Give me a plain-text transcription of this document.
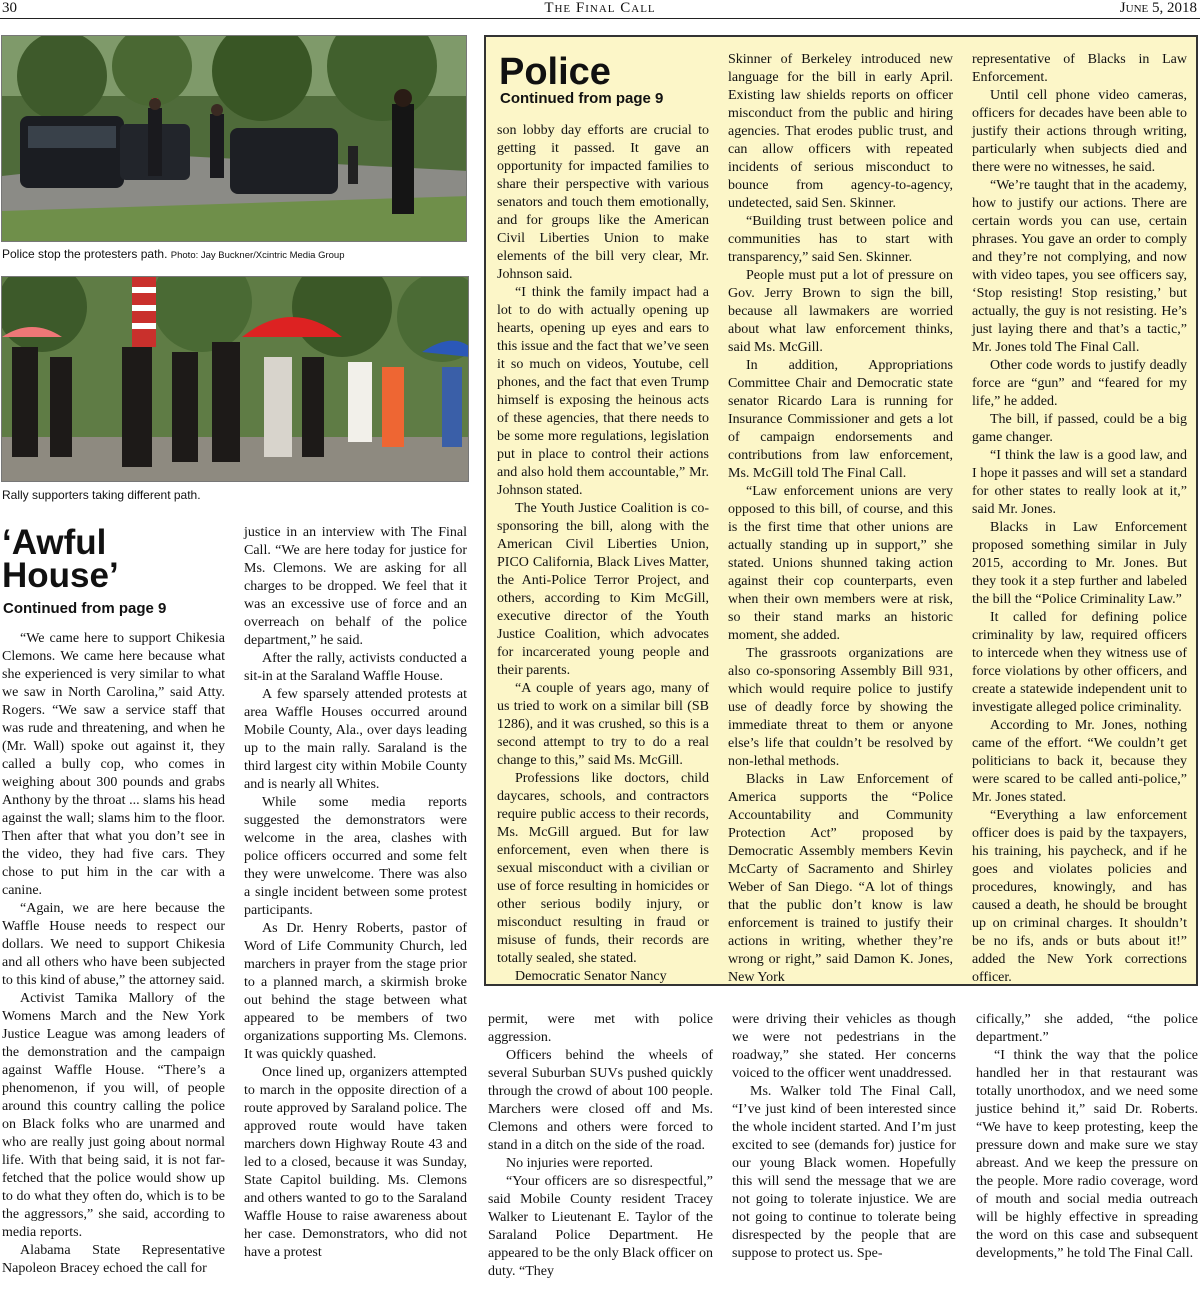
30	The Final Call	June 5, 2018
Police stop the protesters path. Photo: Jay Buckner/Xcintric Media Group
Rally supporters taking different path.
‘Awful
House’
Continued from page 9

“We came here to support Chikesia Clemons. We came here because what she experienced is very similar to what we saw in North Carolina,” said Atty. Rogers. “We saw a service staff that was rude and threatening, and when he (Mr. Wall) spoke out against it, they called a bully cop, who comes in weighing about 300 pounds and grabs Anthony by the throat ... slams his head against the wall; slams him to the floor. Then after that what you don’t see in the video, they had five cars. They chose to put him in the car with a canine.

“Again, we are here because the Waffle House needs to respect our dollars. We need to support Chikesia and all others who have been subjected to this kind of abuse,” the attorney said.

Activist Tamika Mallory of the Womens March and the New York Justice League was among leaders of the demonstration and the campaign against Waffle House. “There’s a phenomenon, if you will, of people around this country calling the police on Black folks who are unarmed and who are really just going about normal life. With that being said, it is not far-fetched that the police would show up to do what they often do, which is to be the aggressors,” she said, according to media reports.

Alabama State Representative Napoleon Bracey echoed the call for

justice in an interview with The Final Call. “We are here today for justice for Ms. Clemons. We are asking for all charges to be dropped. We feel that it was an excessive use of force and an overreach on behalf of the police department,” he said.

After the rally, activists conducted a sit-in at the Saraland Waffle House.

A few sparsely attended protests at area Waffle Houses occurred around Mobile County, Ala., over days leading up to the main rally. Saraland is the third largest city within Mobile County and is nearly all Whites.

While some media reports suggested the demonstrators were welcome in the area, clashes with police officers occurred and some felt they were unwelcome. There was also a single incident between some protest participants.

As Dr. Henry Roberts, pastor of Word of Life Community Church, led marchers in prayer from the stage prior to a planned march, a skirmish broke out behind the stage between what appeared to be members of two organizations supporting Ms. Clemons. It was quickly quashed.

Once lined up, organizers attempted to march in the opposite direction of a route approved by Saraland police. The approved route would have taken marchers down Highway Route 43 and led to a closed, because it was Sunday, State Capitol building. Ms. Clemons and others wanted to go to the Saraland Waffle House to raise awareness about her case. Demonstrators, who did not have a protest

permit, were met with police aggression.

Officers behind the wheels of several Suburban SUVs pushed quickly through the crowd of about 100 people. Marchers were closed off and Ms. Clemons and others were forced to stand in a ditch on the side of the road.

No injuries were reported.

“Your officers are so disrespectful,” said Mobile County resident Tracey Walker to Lieutenant E. Taylor of the Saraland Police Department. He appeared to be the only Black officer on duty. “They

were driving their vehicles as though we were not pedestrians in the roadway,” she stated. Her concerns voiced to the officer went unaddressed.

Ms. Walker told The Final Call, “I’ve just kind of been interested since the whole incident started. And I’m just excited to see (demands for) justice for our young Black women. Hopefully this will send the message that we are not going to tolerate injustice. We are not going to continue to tolerate being disrespected by the people that are suppose to protect us. Spe-

cifically,” she added, “the police department.”

“I think the way that the police handled her in that restaurant was totally unorthodox, and we need some justice behind it,” said Dr. Roberts. “We have to keep protesting, keep the pressure down and make sure we stay abreast. And we keep the pressure on the people. More radio coverage, word of mouth and social media outreach will be highly effective in spreading the word on this case and subsequent developments,” he told The Final Call.

Police
Continued from page 9

son lobby day efforts are crucial to getting it passed. It gave an opportunity for impacted families to share their perspective with various senators and touch them emotionally, and for groups like the American Civil Liberties Union to make elements of the bill very clear, Mr. Johnson said.

“I think the family impact had a lot to do with actually opening up hearts, opening up eyes and ears to this issue and the fact that we’ve seen it so much on videos, Youtube, cell phones, and the fact that even Trump himself is exposing the heinous acts of these agencies, that there needs to be some more regulations, legislation put in place to control their actions and also hold them accountable,” Mr. Johnson stated.

The Youth Justice Coalition is co-sponsoring the bill, along with the American Civil Liberties Union, PICO California, Black Lives Matter, the Anti-Police Terror Project, and others, according to Kim McGill, executive director of the Youth Justice Coalition, which advocates for incarcerated young people and their parents.

“A couple of years ago, many of us tried to work on a similar bill (SB 1286), and it was crushed, so this is a second attempt to try to do a real change to this,” said Ms. McGill.

Professions like doctors, child daycares, schools, and contractors require public access to their records, Ms. McGill argued. But for law enforcement, even when there is sexual misconduct with a civilian or use of force resulting in homicides or other serious bodily injury, or misconduct resulting in fraud or misuse of funds, their records are totally sealed, she stated.

Democratic Senator Nancy

Skinner of Berkeley introduced new language for the bill in early April. Existing law shields reports on officer misconduct from the public and hiring agencies. That erodes public trust, and can allow officers with repeated incidents of serious misconduct to bounce from agency-to-agency, undetected, said Sen. Skinner.

“Building trust between police and communities has to start with transparency,” said Sen. Skinner.

People must put a lot of pressure on Gov. Jerry Brown to sign the bill, because all lawmakers are worried about what law enforcement thinks, said Ms. McGill.

In addition, Appropriations Committee Chair and Democratic state senator Ricardo Lara is running for Insurance Commissioner and gets a lot of campaign endorsements and contributions from law enforcement, Ms. McGill told The Final Call.

“Law enforcement unions are very opposed to this bill, of course, and this is the first time that other unions are actually standing up in support,” she stated. Unions shunned taking action against their cop counterparts, even when their own members were at risk, so their stand marks an historic moment, she added.

The grassroots organizations are also co-sponsoring Assembly Bill 931, which would require police to justify use of deadly force by showing the immediate threat to them or anyone else’s life that couldn’t be resolved by non-lethal methods.

Blacks in Law Enforcement of America supports the “Police Accountability and Community Protection Act” proposed by Democratic Assembly members Kevin McCarty of Sacramento and Shirley Weber of San Diego. “A lot of things that the public don’t know is law enforcement is trained to justify their actions in writing, whether they’re wrong or right,” said Damon K. Jones, New York

representative of Blacks in Law Enforcement.

Until cell phone video cameras, officers for decades have been able to justify their actions through writing, particularly when subjects died and there were no witnesses, he said.

“We’re taught that in the academy, how to justify our actions. There are certain words you can use, certain phrases. You gave an order to comply and they’re not complying, and now with video tapes, you see officers say, ‘Stop resisting! Stop resisting,’ but actually, the guy is not resisting. He’s just laying there and that’s a tactic,” Mr. Jones told The Final Call.

Other code words to justify deadly force are “gun” and “feared for my life,” he added.

The bill, if passed, could be a big game changer.

“I think the law is a good law, and I hope it passes and will set a standard for other states to really look at it,” said Mr. Jones.

Blacks in Law Enforcement proposed something similar in July 2015, according to Mr. Jones. But they took it a step further and labeled the bill the “Police Criminality Law.”

It called for defining police criminality by law, required officers to intercede when they witness use of force violations by other officers, and create a statewide independent unit to investigate alleged police criminality.

According to Mr. Jones, nothing came of the effort. “We couldn’t get politicians to back it, because they were scared to be called anti-police,” Mr. Jones stated.

“Everything a law enforcement officer does is paid by the taxpayers, his training, his paycheck, and if he goes and violates policies and procedures, knowingly, and has caused a death, he should be brought up on criminal charges. It shouldn’t be no ifs, ands or buts about it!” added the New York corrections officer.
